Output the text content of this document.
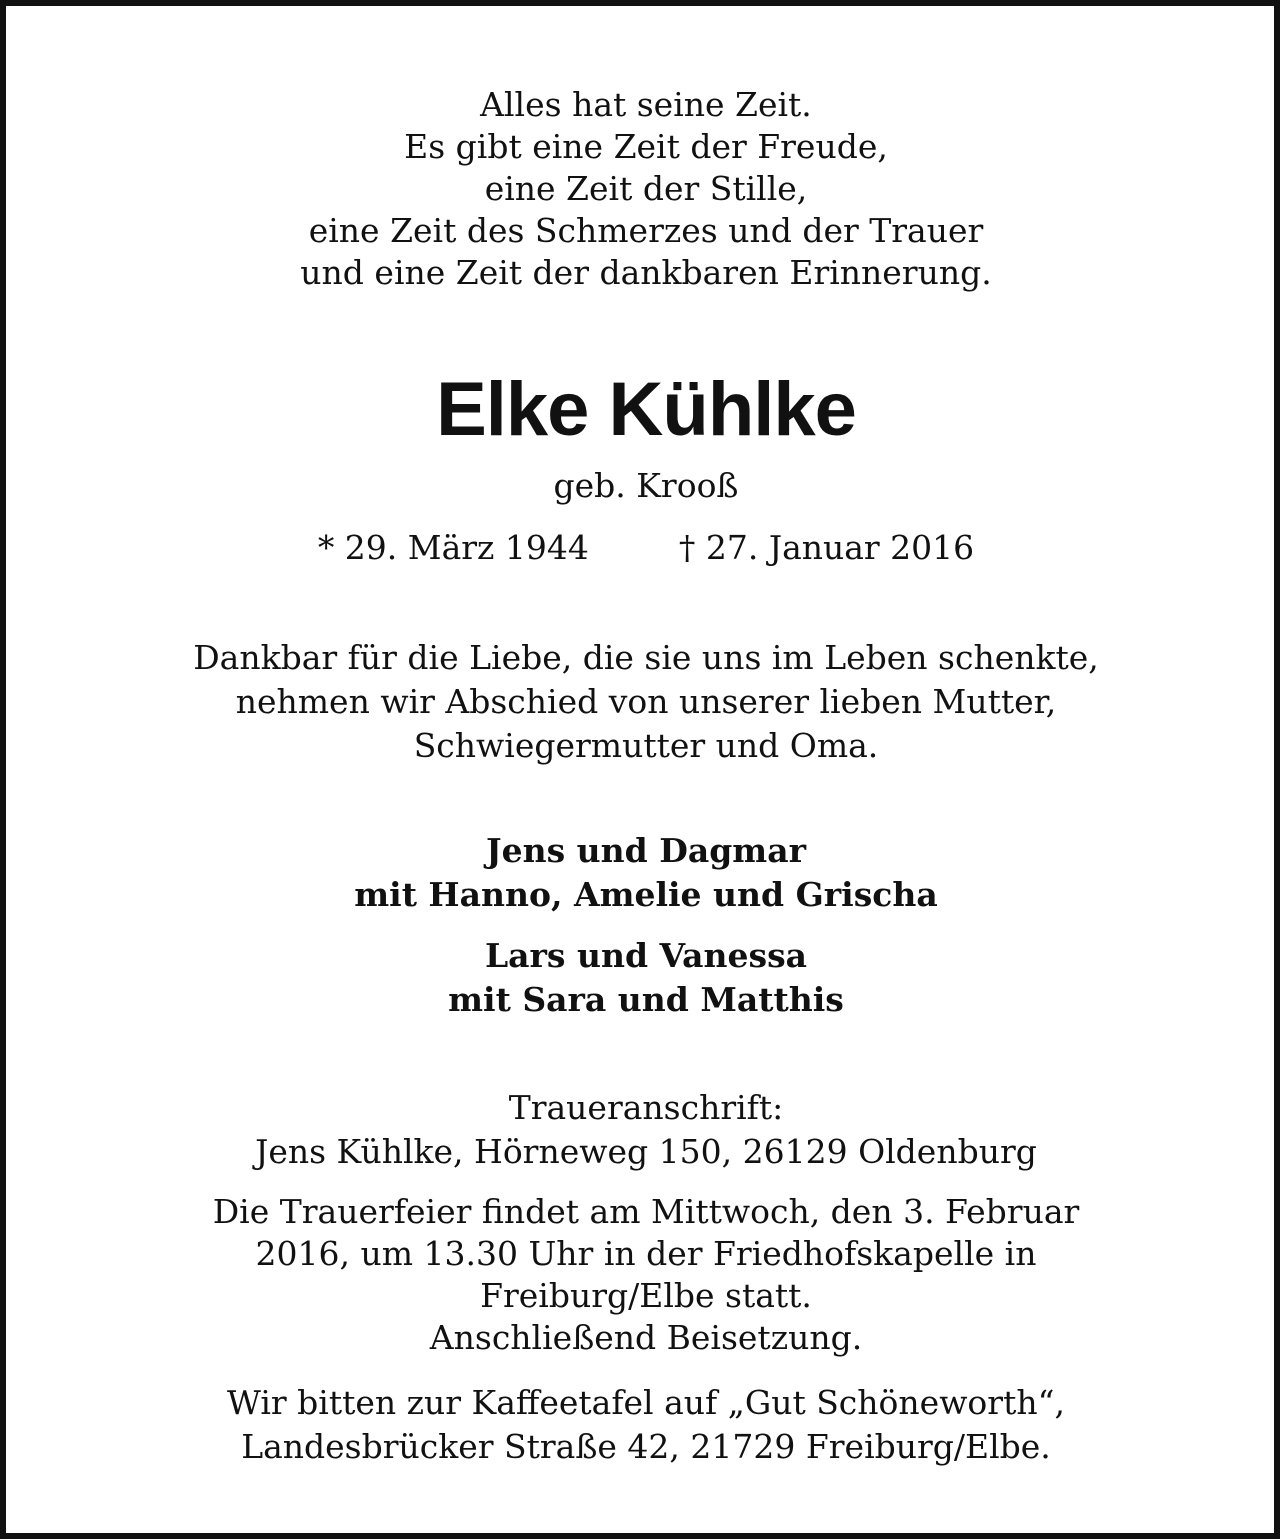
Alles hat seine Zeit.
Es gibt eine Zeit der Freude,
eine Zeit der Stille,
eine Zeit des Schmerzes und der Trauer
und eine Zeit der dankbaren Erinnerung.
Elke Kühlke
geb. Krooß
* 29. März 1944	† 27. Januar 2016
Dankbar für die Liebe, die sie uns im Leben schenkte,
nehmen wir Abschied von unserer lieben Mutter,
Schwiegermutter und Oma.
Jens und Dagmar
mit Hanno, Amelie und Grischa
Lars und Vanessa
mit Sara und Matthis
Traueranschrift:
Jens Kühlke, Hörneweg 150, 26129 Oldenburg
Die Trauerfeier findet am Mittwoch, den 3. Februar
2016, um 13.30 Uhr in der Friedhofskapelle in
Freiburg/Elbe statt.
Anschließend Beisetzung.
Wir bitten zur Kaffeetafel auf „Gut Schöneworth“,
Landesbrücker Straße 42, 21729 Freiburg/Elbe.
